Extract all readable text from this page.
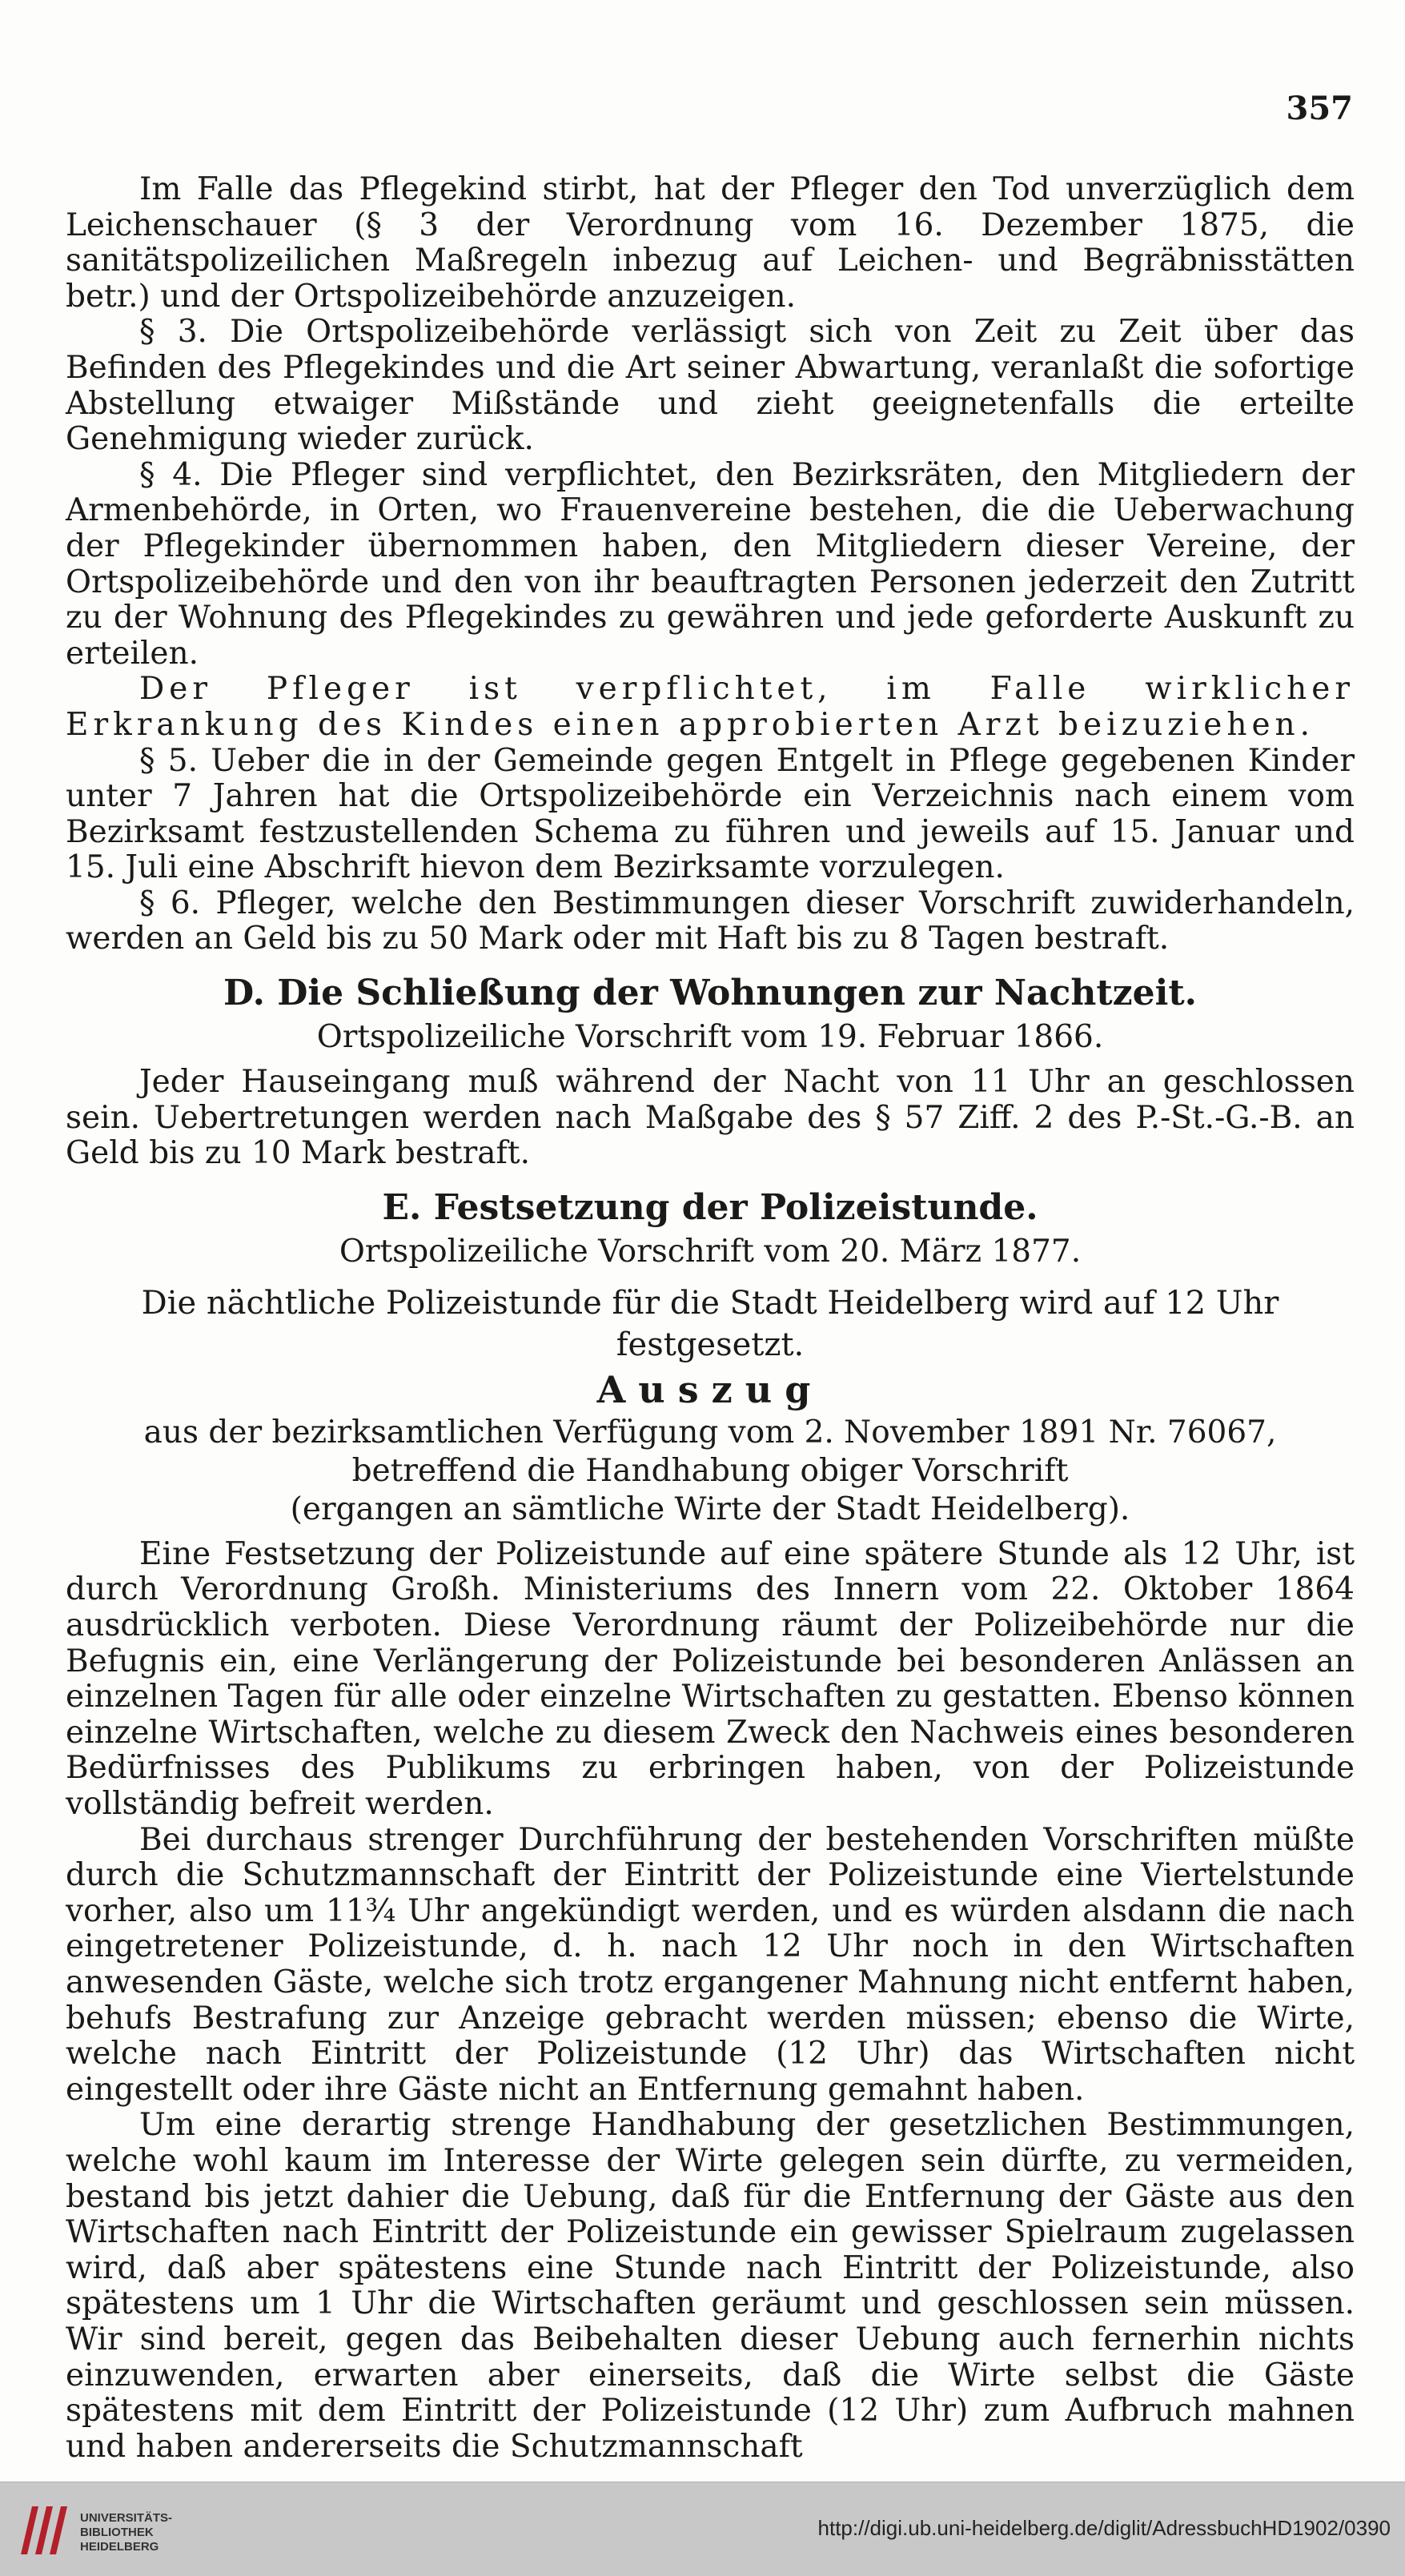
357

Im Falle das Pflegekind stirbt, hat der Pfleger den Tod unverzüglich dem Leichenschauer (§ 3 der Verordnung vom 16. Dezember 1875, die sanitätspolizeilichen Maßregeln inbezug auf Leichen- und Begräbnisstätten betr.) und der Ortspolizeibehörde anzuzeigen.

§ 3. Die Ortspolizeibehörde verlässigt sich von Zeit zu Zeit über das Befinden des Pflegekindes und die Art seiner Abwartung, veranlaßt die sofortige Abstellung etwaiger Mißstände und zieht geeignetenfalls die erteilte Genehmigung wieder zurück.

§ 4. Die Pfleger sind verpflichtet, den Bezirksräten, den Mitgliedern der Armenbehörde, in Orten, wo Frauenvereine bestehen, die die Ueberwachung der Pflegekinder übernommen haben, den Mitgliedern dieser Vereine, der Ortspolizeibehörde und den von ihr beauftragten Personen jederzeit den Zutritt zu der Wohnung des Pflegekindes zu gewähren und jede geforderte Auskunft zu erteilen.

Der Pfleger ist verpflichtet, im Falle wirklicher Erkrankung des Kindes einen approbierten Arzt beizuziehen.

§ 5. Ueber die in der Gemeinde gegen Entgelt in Pflege gegebenen Kinder unter 7 Jahren hat die Ortspolizeibehörde ein Verzeichnis nach einem vom Bezirksamt festzustellenden Schema zu führen und jeweils auf 15. Januar und 15. Juli eine Abschrift hievon dem Bezirksamte vorzulegen.

§ 6. Pfleger, welche den Bestimmungen dieser Vorschrift zuwiderhandeln, werden an Geld bis zu 50 Mark oder mit Haft bis zu 8 Tagen bestraft.

D. Die Schließung der Wohnungen zur Nachtzeit.
Ortspolizeiliche Vorschrift vom 19. Februar 1866.

Jeder Hauseingang muß während der Nacht von 11 Uhr an geschlossen sein. Uebertretungen werden nach Maßgabe des § 57 Ziff. 2 des P.-St.-G.-B. an Geld bis zu 10 Mark bestraft.

E. Festsetzung der Polizeistunde.
Ortspolizeiliche Vorschrift vom 20. März 1877.
Die nächtliche Polizeistunde für die Stadt Heidelberg wird auf 12 Uhr festgesetzt.
Auszug
aus der bezirksamtlichen Verfügung vom 2. November 1891 Nr. 76067,
betreffend die Handhabung obiger Vorschrift
(ergangen an sämtliche Wirte der Stadt Heidelberg).

Eine Festsetzung der Polizeistunde auf eine spätere Stunde als 12 Uhr, ist durch Verordnung Großh. Ministeriums des Innern vom 22. Oktober 1864 ausdrücklich verboten. Diese Verordnung räumt der Polizeibehörde nur die Befugnis ein, eine Verlängerung der Polizeistunde bei besonderen Anlässen an einzelnen Tagen für alle oder einzelne Wirtschaften zu gestatten. Ebenso können einzelne Wirtschaften, welche zu diesem Zweck den Nachweis eines besonderen Bedürfnisses des Publikums zu erbringen haben, von der Polizeistunde vollständig befreit werden.

Bei durchaus strenger Durchführung der bestehenden Vorschriften müßte durch die Schutzmannschaft der Eintritt der Polizeistunde eine Viertelstunde vorher, also um 11¾ Uhr angekündigt werden, und es würden alsdann die nach eingetretener Polizeistunde, d. h. nach 12 Uhr noch in den Wirtschaften anwesenden Gäste, welche sich trotz ergangener Mahnung nicht entfernt haben, behufs Bestrafung zur Anzeige gebracht werden müssen; ebenso die Wirte, welche nach Eintritt der Polizeistunde (12 Uhr) das Wirtschaften nicht eingestellt oder ihre Gäste nicht an Entfernung gemahnt haben.

Um eine derartig strenge Handhabung der gesetzlichen Bestimmungen, welche wohl kaum im Interesse der Wirte gelegen sein dürfte, zu vermeiden, bestand bis jetzt dahier die Uebung, daß für die Entfernung der Gäste aus den Wirtschaften nach Eintritt der Polizeistunde ein gewisser Spielraum zugelassen wird, daß aber spätestens eine Stunde nach Eintritt der Polizeistunde, also spätestens um 1 Uhr die Wirtschaften geräumt und geschlossen sein müssen. Wir sind bereit, gegen das Beibehalten dieser Uebung auch fernerhin nichts einzuwenden, erwarten aber einerseits, daß die Wirte selbst die Gäste spätestens mit dem Eintritt der Polizeistunde (12 Uhr) zum Aufbruch mahnen und haben andererseits die Schutzmannschaft

UNIVERSITÄTS-
BIBLIOTHEK
HEIDELBERG
http://digi.ub.uni-heidelberg.de/diglit/AdressbuchHD1902/0390
